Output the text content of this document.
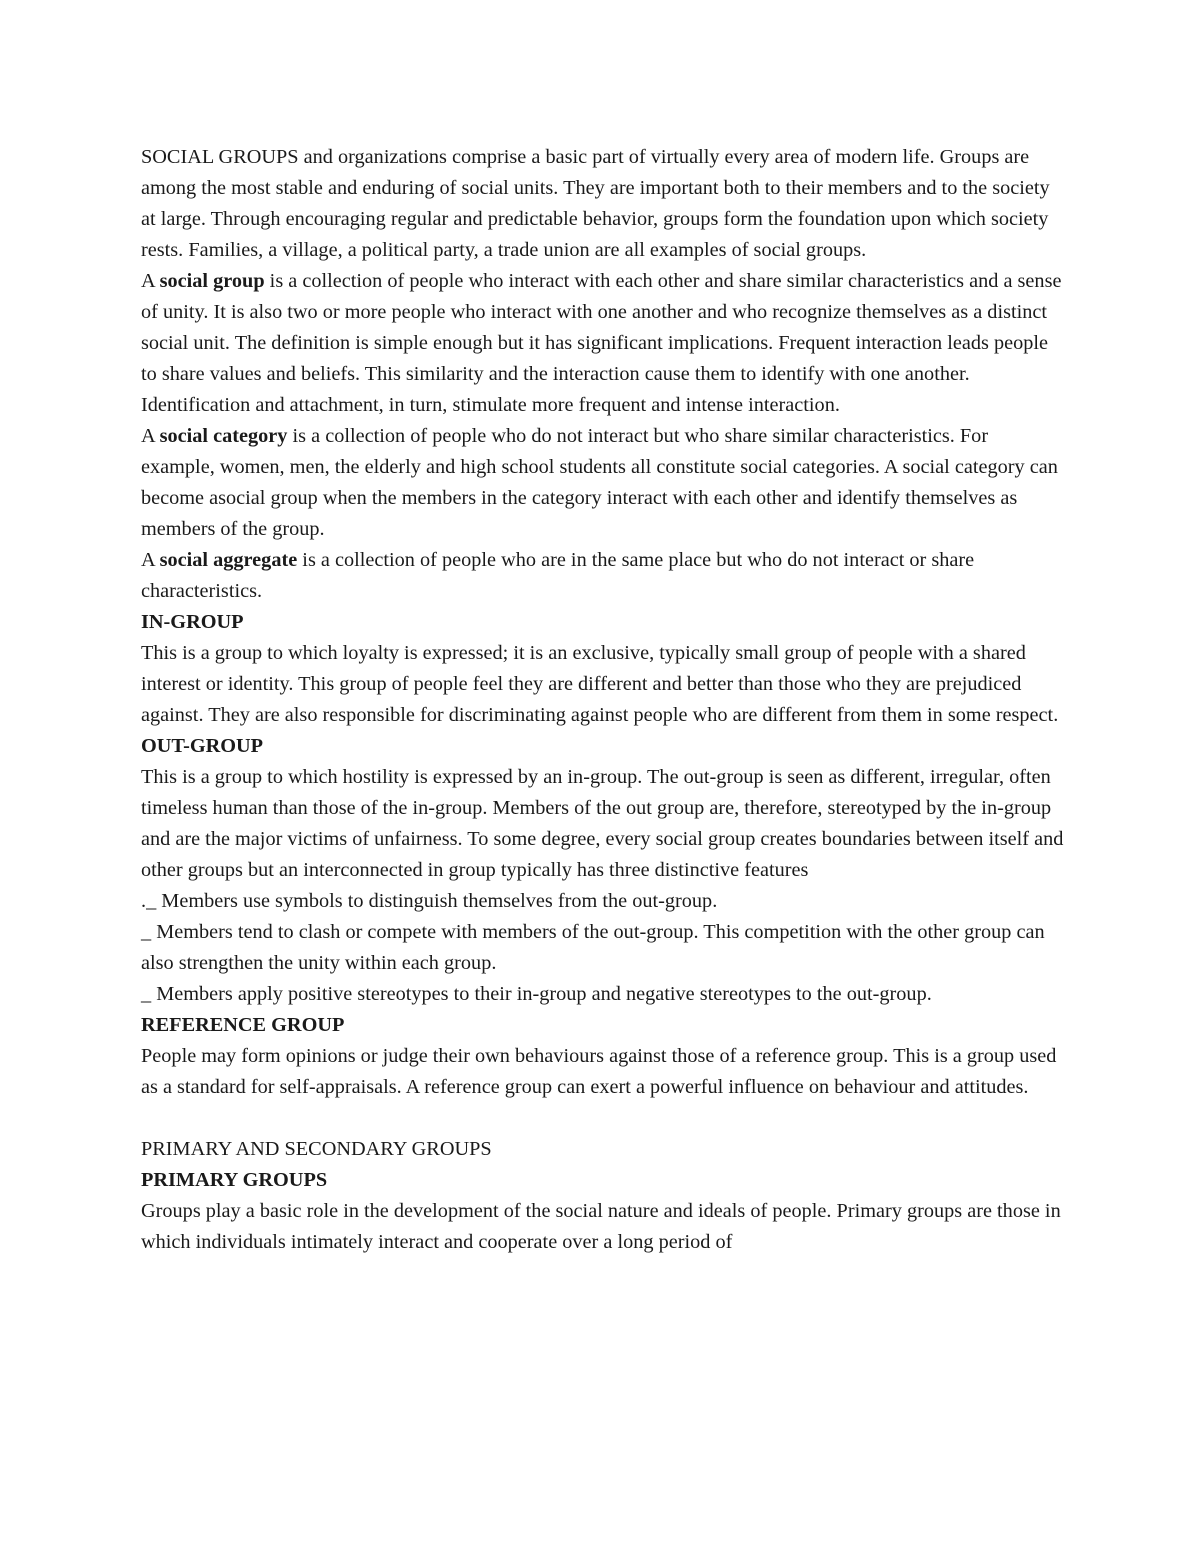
SOCIAL GROUPS and organizations comprise a basic part of virtually every area of modern life. Groups are among the most stable and enduring of social units. They are important both to their members and to the society at large. Through encouraging regular and predictable behavior, groups form the foundation upon which society rests. Families, a village, a political party, a trade union are all examples of social groups.

A social group is a collection of people who interact with each other and share similar characteristics and a sense of unity. It is also two or more people who interact with one another and who recognize themselves as a distinct social unit. The definition is simple enough but it has significant implications. Frequent interaction leads people to share values and beliefs. This similarity and the interaction cause them to identify with one another. Identification and attachment, in turn, stimulate more frequent and intense interaction.

A social category is a collection of people who do not interact but who share similar characteristics. For example, women, men, the elderly and high school students all constitute social categories. A social category can become asocial group when the members in the category interact with each other and identify themselves as members of the group.

A social aggregate is a collection of people who are in the same place but who do not interact or share characteristics.

IN-GROUP

This is a group to which loyalty is expressed; it is an exclusive, typically small group of people with a shared interest or identity. This group of people feel they are different and better than those who they are prejudiced against. They are also responsible for discriminating against people who are different from them in some respect.

OUT-GROUP

This is a group to which hostility is expressed by an in-group. The out-group is seen as different, irregular, often timeless human than those of the in-group. Members of the out group are, therefore, stereotyped by the in-group and are the major victims of unfairness. To some degree, every social group creates boundaries between itself and other groups but an interconnected in group typically has three distinctive features

._ Members use symbols to distinguish themselves from the out-group.

_ Members tend to clash or compete with members of the out-group. This competition with the other group can also strengthen the unity within each group.

_ Members apply positive stereotypes to their in-group and negative stereotypes to the out-group.

REFERENCE GROUP

People may form opinions or judge their own behaviours against those of a reference group. This is a group used as a standard for self-appraisals. A reference group can exert a powerful influence on behaviour and attitudes.

PRIMARY AND SECONDARY GROUPS

PRIMARY GROUPS

Groups play a basic role in the development of the social nature and ideals of people. Primary groups are those in which individuals intimately interact and cooperate over a long period of
